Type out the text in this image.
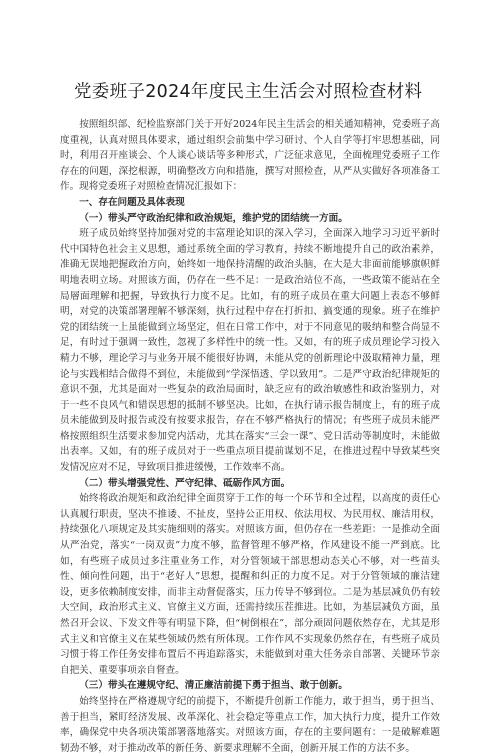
党委班子2024年度民主生活会对照检查材料

按照组织部、纪检监察部门关于开好2024年民主生活会的相关通知精神，党委班子高度重视，认真对照具体要求，通过组织会前集中学习研讨、个人自学等打牢思想基础，同时，利用召开座谈会、个人谈心谈话等多种形式，广泛征求意见，全面梳理党委班子工作存在的问题，深挖根源，明确整改方向和措施，撰写对照检查，从严从实做好各项准备工作。现将党委班子对照检查情况汇报如下：

一、存在问题及具体表现

（一）带头严守政治纪律和政治规矩，维护党的团结统一方面。

班子成员始终坚持加强对党的丰富理论知识的深入学习，全面深入地学习习近平新时代中国特色社会主义思想，通过系统全面的学习教育，持续不断地提升自己的政治素养，准确无误地把握政治方向，始终如一地保持清醒的政治头脑，在大是大非面前能够旗帜鲜明地表明立场。对照该方面，仍存在一些不足：一是政治站位不高，一些政策不能站在全局層面理解和把握，导致执行力度不足。比如，有的班子成员在重大问题上表态不够鲜明，对党的决策部署理解不够深刻，执行过程中存在打折扣、搞变通的现象。班子在维护党的团结统一上虽能做到立场坚定，但在日常工作中，对于不同意见的吸纳和整合尚显不足，有时过于强调一致性，忽视了多样性中的统一性。又如，有的班子成员理论学习投入精力不够，理论学习与业务开展不能很好协调，未能从党的创新理论中汲取精神力量，理论与实践相结合做得不到位，未能做到“学深悟透、学以致用”。二是严守政治纪律规矩的意识不强，尤其是面对一些复杂的政治局面时，缺乏应有的政治敏感性和政治鉴别力，对于一些不良风气和错误思想的抵制不够坚决。比如，在执行请示报告制度上，有的班子成员未能做到及时报告或没有按要求报告，存在不够严格执行的情况；有些班子成员未能严格按照组织生活要求参加党内活动，尤其在落实“三会一课”、党日活动等制度时，未能做出表率。又如，有的班子成员对于一些重点项目提前谋划不足，在推进过程中导致某些突发情况应对不足，导致项目推进缓慢，工作效率不高。

（二）带头增强党性、严守纪律、砥砺作风方面。

始终将政治规矩和政治纪律全面贯穿于工作的每一个环节和全过程，以高度的责任心认真履行职责，坚决不推诿、不扯皮，坚持公正用权、依法用权、为民用权、廉洁用权，持续强化八项规定及其实施细则的落实。对照该方面，但仍存在一些差距：一是推动全面从严治党，落实“一岗双责”力度不够，监督管理不够严格，作风建设不能一严到底。比如，有些班子成员过多注重业务工作，对分管领域干部思想动态关心不够，对一些苗头性、倾向性问题，出于“老好人”思想，提醒和纠正的力度不足。对于分管领域的廉洁建设，更多依赖制度安排，而非主动督促落实，压力传导不够到位。二是为基层减负仍有较大空间，政治形式主义、官僚主义方面，还需持续压茬推进。比如，为基层减负方面，虽然召开会议、下发文件等有明显下降，但“树倒根在”，部分顽固问题依然存在，尤其是形式主义和官僚主义在某些领域仍然有所体现。工作作风不实现象仍然存在，有些班子成员习惯于将工作任务安排布置后不再追踪落实，未能做到对重大任务亲自部署、关键环节亲自把关、重要事项亲自督查。

（三）带头在遵规守纪、清正廉洁前提下勇于担当、敢于创新。

始终坚持在严格遵规守纪的前提下，不断提升创新工作能力，敢于担当，勇于担当、善于担当，紧盯经济发展、改革深化、社会稳定等重点工作，加大执行力度，提升工作效率，确保党中央各项决策部署落地落实。对照该方面，存在的主要问题有：一是破解难题韧劲不够，对于推动改革的新任务、新要求理解不全面，创新开展工作的方法不多。
